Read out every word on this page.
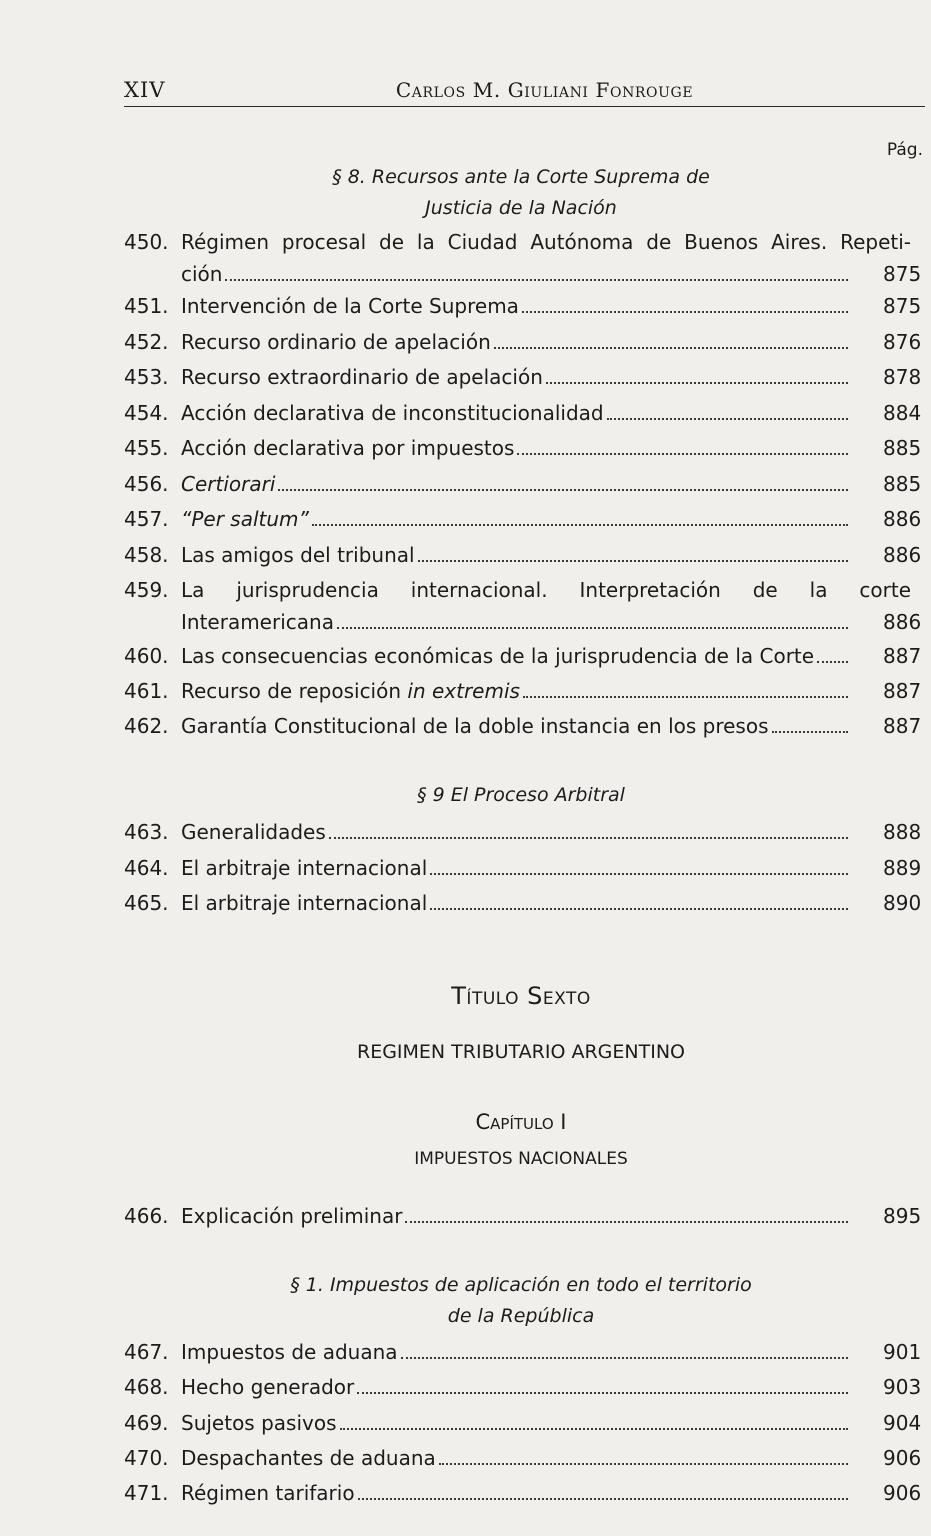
XIV	Carlos M. Giuliani Fonrouge
Pág.
§ 8. Recursos ante la Corte Suprema de
Justicia de la Nación
§ 9 El Proceso Arbitral
Título Sexto
REGIMEN TRIBUTARIO ARGENTINO
Capítulo I
IMPUESTOS NACIONALES
§ 1. Impuestos de aplicación en todo el territorio
de la República
450. Régimen procesal de la Ciudad Autónoma de Buenos Aires. Repeti-
ción	875
451. Intervención de la Corte Suprema	875
452. Recurso ordinario de apelación	876
453. Recurso extraordinario de apelación	878
454. Acción declarativa de inconstitucionalidad	884
455. Acción declarativa por impuestos	885
456. Certiorari	885
457. “Per saltum”	886
458. Las amigos del tribunal	886
459. La jurisprudencia internacional. Interpretación de la corte
Interamericana	886
460. Las consecuencias económicas de la jurisprudencia de la Corte	887
461. Recurso de reposición in extremis	887
462. Garantía Constitucional de la doble instancia en los presos	887
463. Generalidades	888
464. El arbitraje internacional	889
465. El arbitraje internacional	890
466. Explicación preliminar	895
467. Impuestos de aduana	901
468. Hecho generador	903
469. Sujetos pasivos	904
470. Despachantes de aduana	906
471. Régimen tarifario	906
